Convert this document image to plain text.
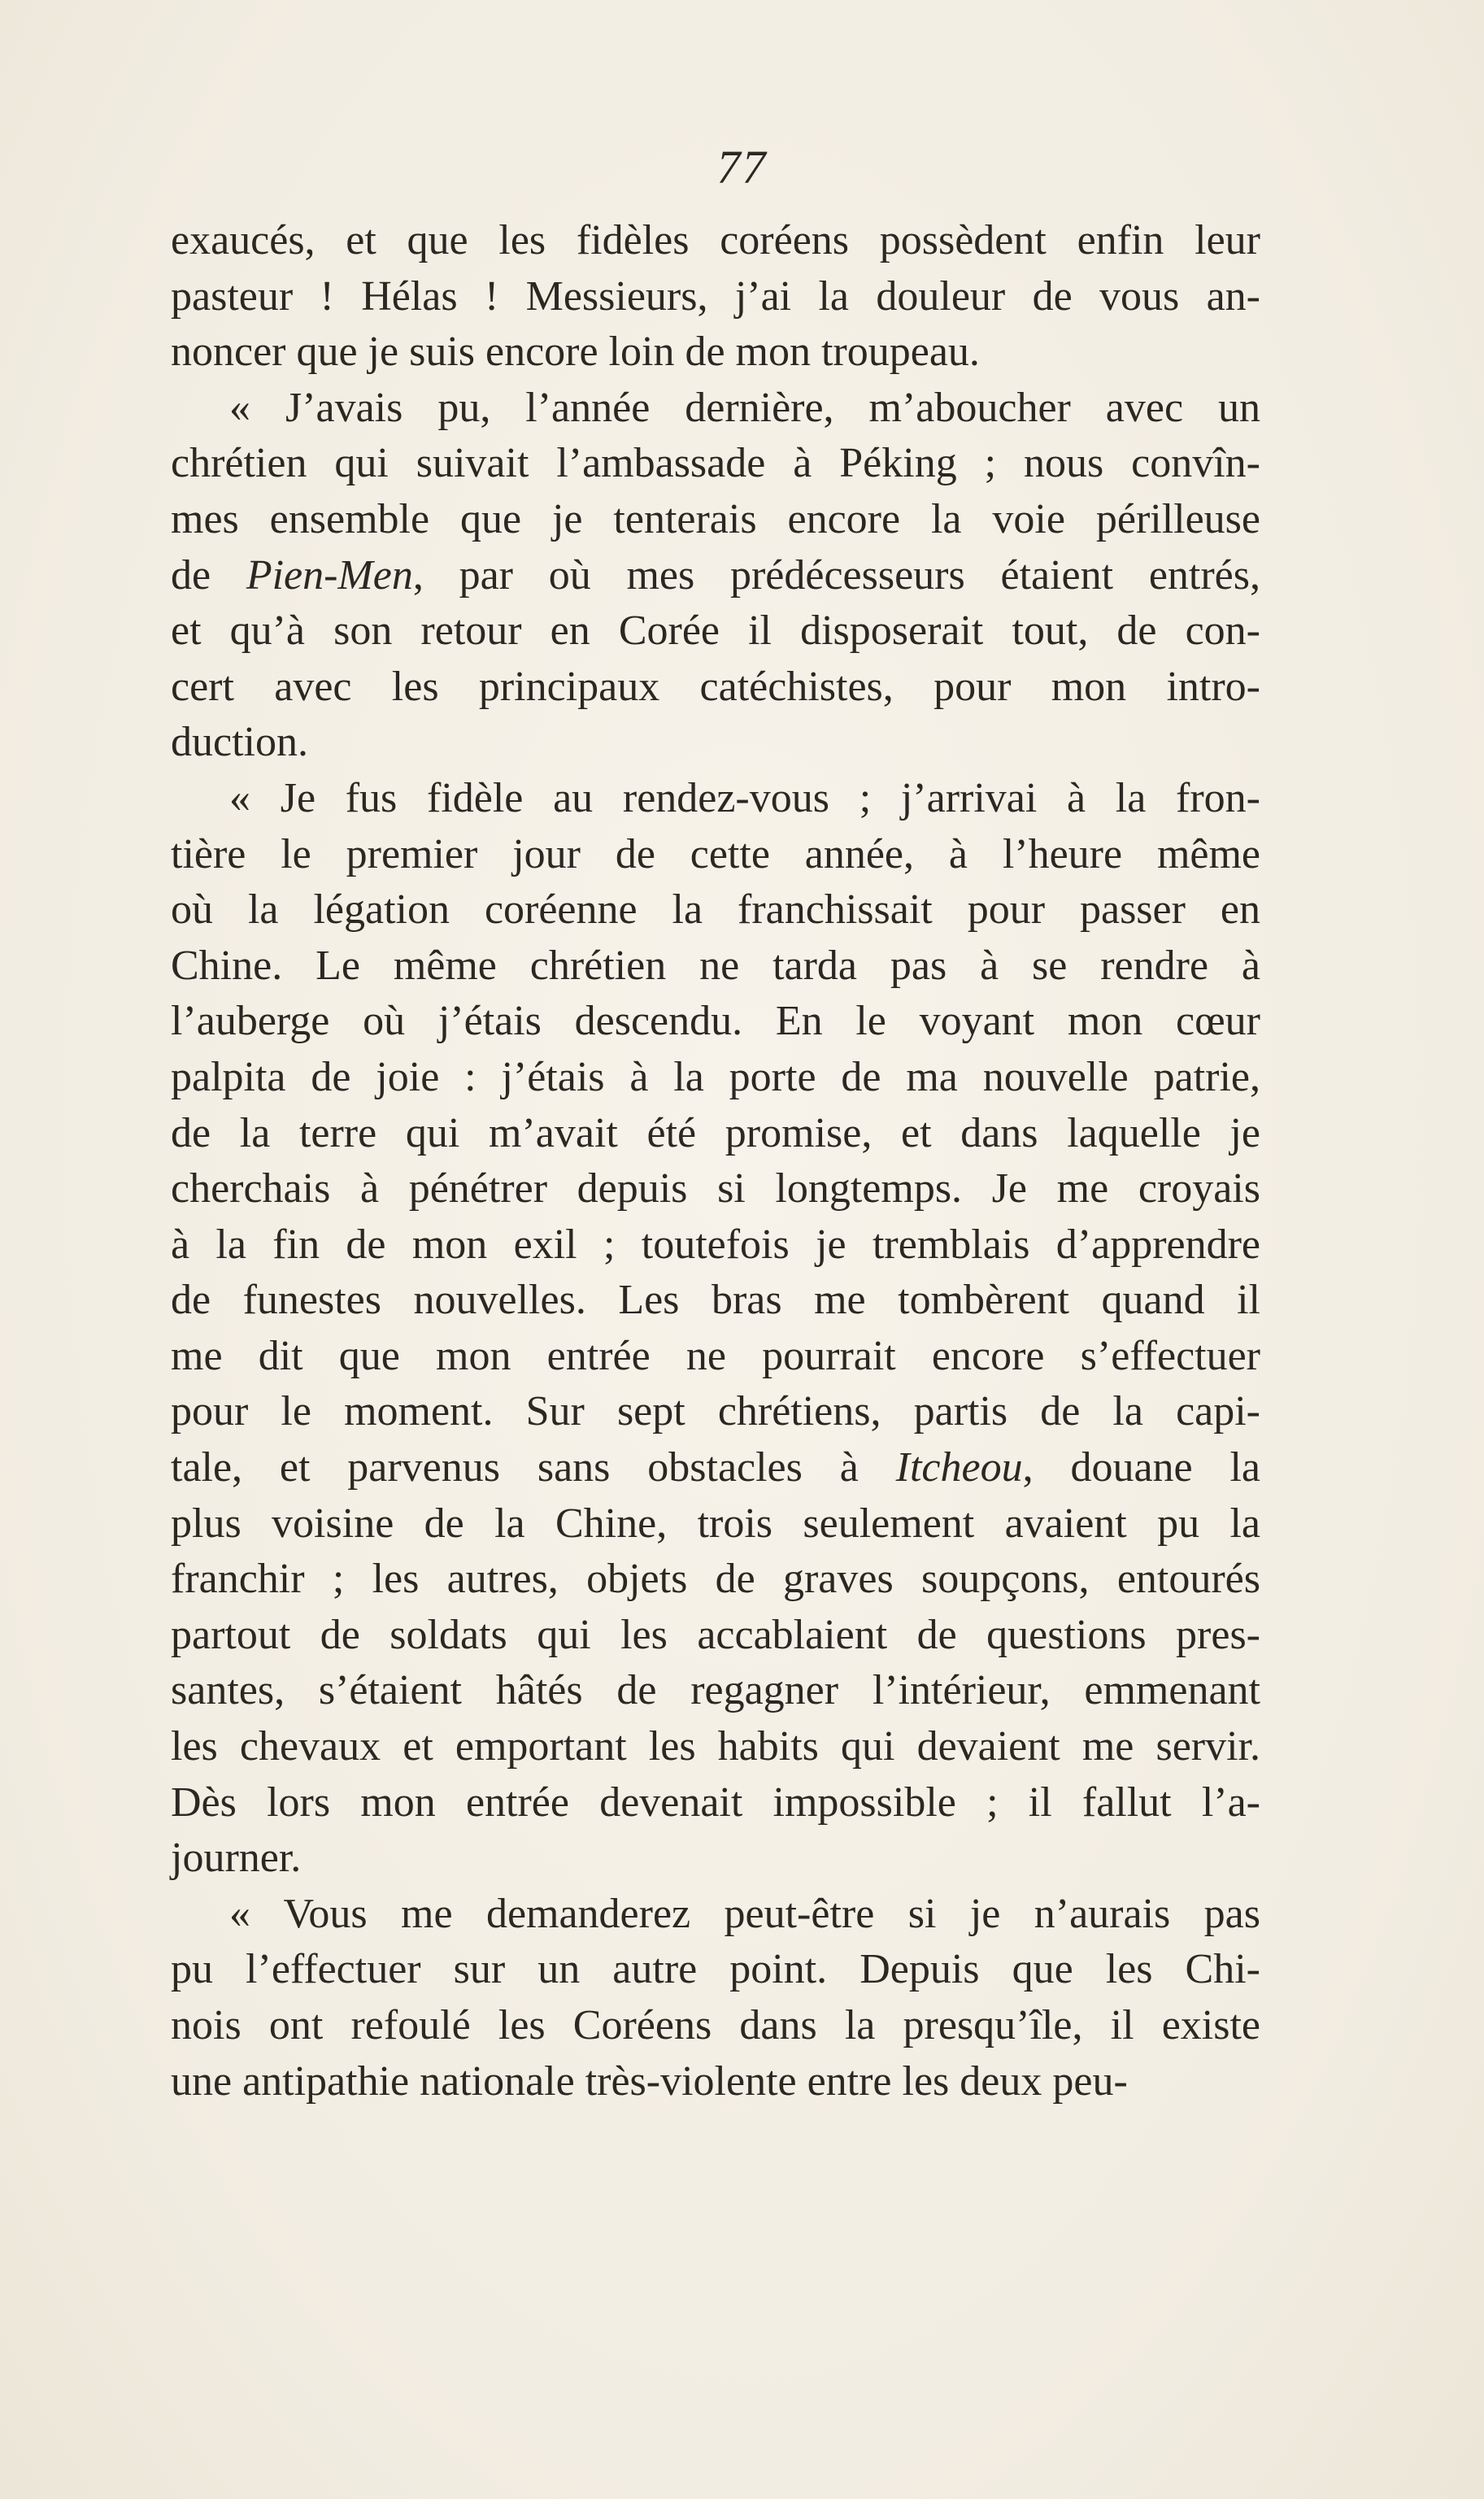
77
exaucés, et que les fidèles coréens possèdent enfin leur
pasteur ! Hélas ! Messieurs, j’ai la douleur de vous an-
noncer que je suis encore loin de mon troupeau.
« J’avais pu, l’année dernière, m’aboucher avec un
chrétien qui suivait l’ambassade à Péking ; nous convîn-
mes ensemble que je tenterais encore la voie périlleuse
de Pien-Men, par où mes prédécesseurs étaient entrés,
et qu’à son retour en Corée il disposerait tout, de con-
cert avec les principaux catéchistes, pour mon intro-
duction.
« Je fus fidèle au rendez-vous ; j’arrivai à la fron-
tière le premier jour de cette année, à l’heure même
où la légation coréenne la franchissait pour passer en
Chine. Le même chrétien ne tarda pas à se rendre à
l’auberge où j’étais descendu. En le voyant mon cœur
palpita de joie : j’étais à la porte de ma nouvelle patrie,
de la terre qui m’avait été promise, et dans laquelle je
cherchais à pénétrer depuis si longtemps. Je me croyais
à la fin de mon exil ; toutefois je tremblais d’apprendre
de funestes nouvelles. Les bras me tombèrent quand il
me dit que mon entrée ne pourrait encore s’effectuer
pour le moment. Sur sept chrétiens, partis de la capi-
tale, et parvenus sans obstacles à Itcheou, douane la
plus voisine de la Chine, trois seulement avaient pu la
franchir ; les autres, objets de graves soupçons, entourés
partout de soldats qui les accablaient de questions pres-
santes, s’étaient hâtés de regagner l’intérieur, emmenant
les chevaux et emportant les habits qui devaient me servir.
Dès lors mon entrée devenait impossible ; il fallut l’a-
journer.
« Vous me demanderez peut-être si je n’aurais pas
pu l’effectuer sur un autre point. Depuis que les Chi-
nois ont refoulé les Coréens dans la presqu’île, il existe
une antipathie nationale très-violente entre les deux peu-
